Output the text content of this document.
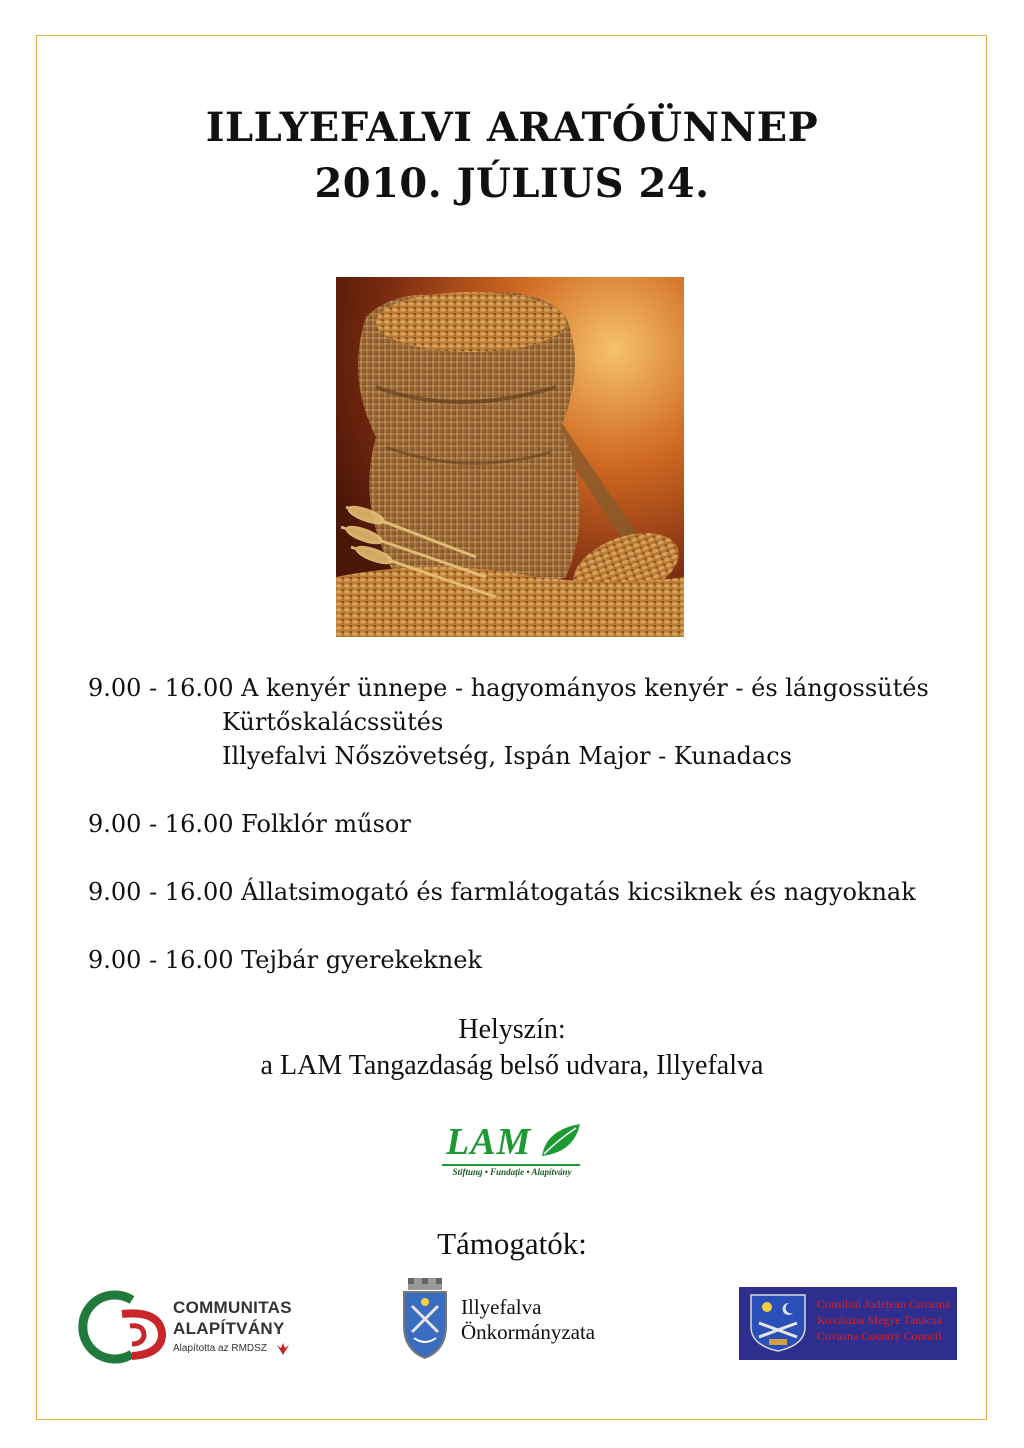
ILLYEFALVI ARATÓÜNNEP
2010. JÚLIUS 24.
9.00 - 16.00 A kenyér ünnepe - hagyományos kenyér - és lángossütés
Kürtőskalácssütés
Illyefalvi Nőszövetség, Ispán Major - Kunadacs
9.00 - 16.00 Folklór műsor
9.00 - 16.00 Állatsimogató és farmlátogatás kicsiknek és nagyoknak
9.00 - 16.00 Tejbár gyerekeknek
Helyszín:
a LAM Tangazdaság belső udvara, Illyefalva
LAM
Stiftung • Fundație • Alapítvány
Támogatók:
COMMUNITAS
ALAPÍTVÁNY
Alapította az RMDSZ
Illyefalva
Önkormányzata
Consiliul Județean Covasna
Kovászna Megye Tanácsa
Covasna Country Council
